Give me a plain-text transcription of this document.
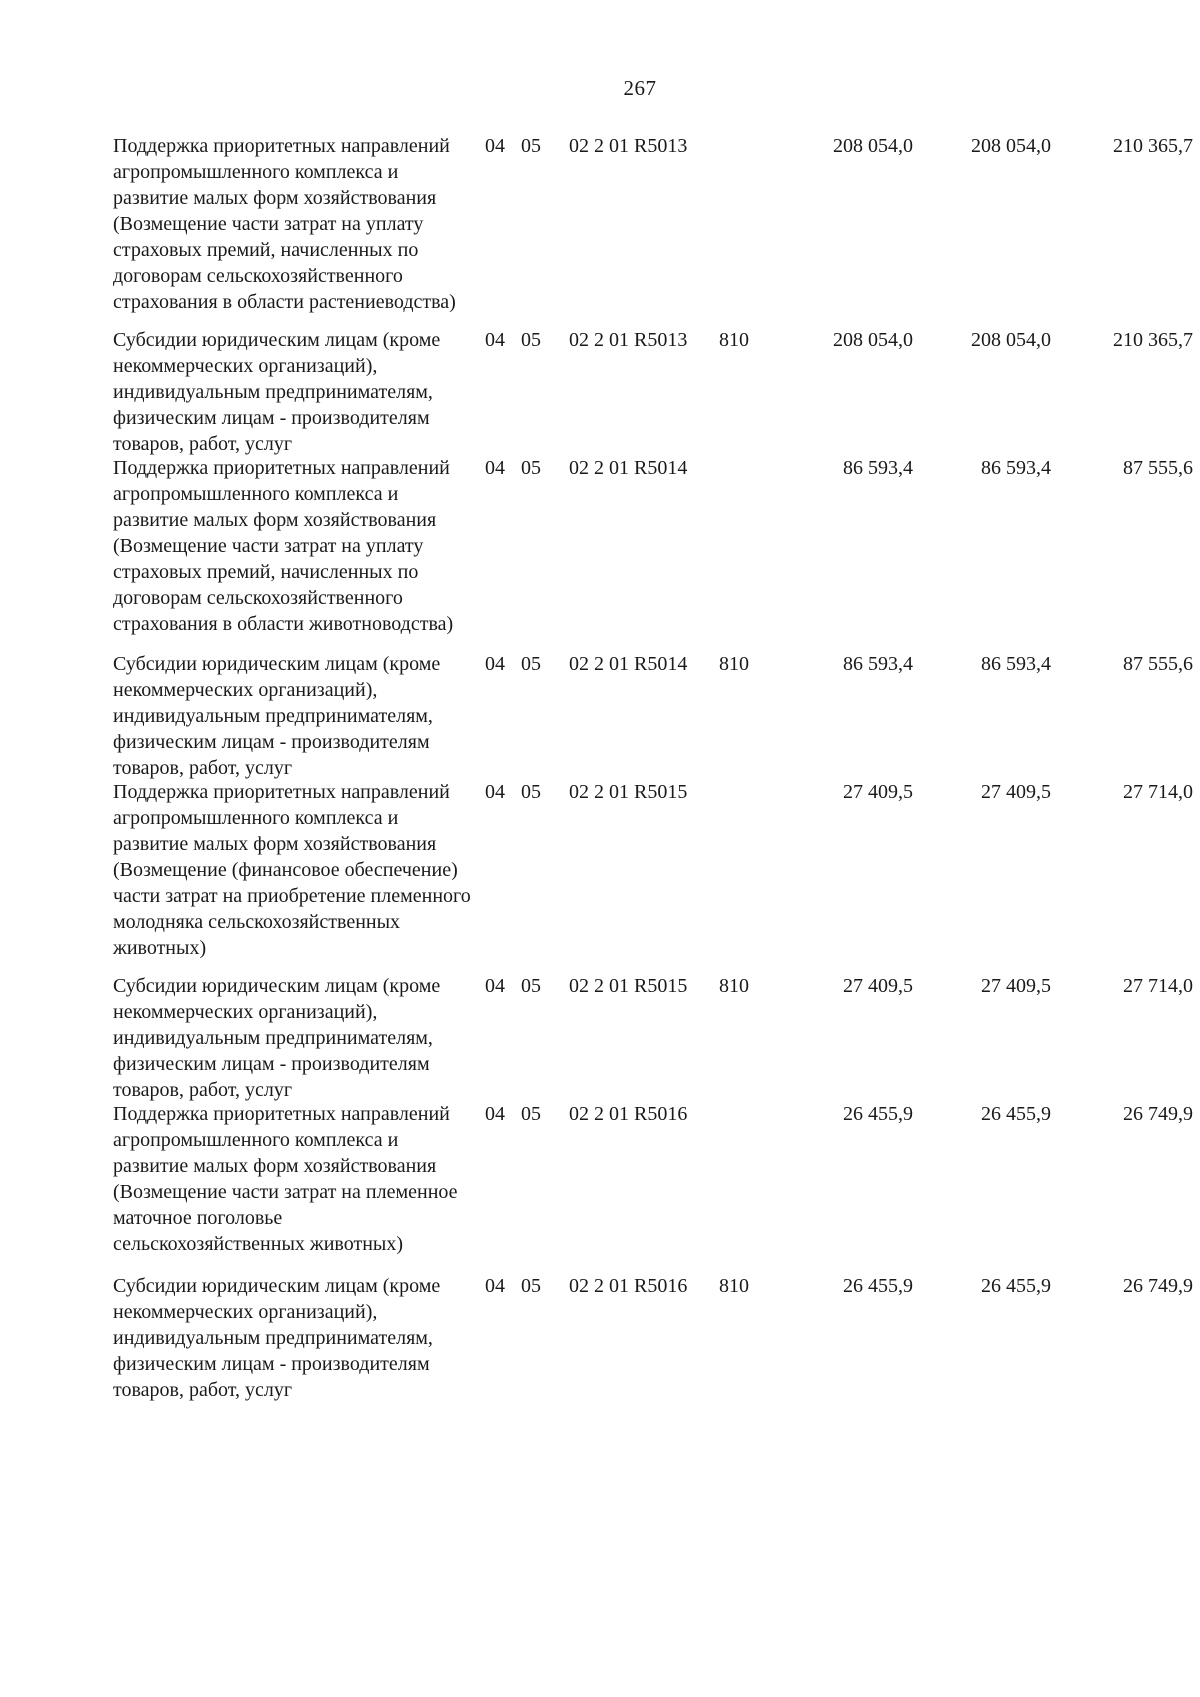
267
Поддержка приоритетных направлений агропромышленного комплекса и развитие малых форм хозяйствования (Возмещение части затрат на уплату страховых премий, начисленных по договорам сельскохозяйственного страхования в области растениеводства)
04 05	02 2 01 R5013	208 054,0	208 054,0	210 365,7
Субсидии юридическим лицам (кроме некоммерческих организаций), индивидуальным предпринимателям, физическим лицам - производителям товаров, работ, услуг
04 05	02 2 01 R5013	810	208 054,0	208 054,0	210 365,7
Поддержка приоритетных направлений агропромышленного комплекса и развитие малых форм хозяйствования (Возмещение части затрат на уплату страховых премий, начисленных по договорам сельскохозяйственного страхования в области животноводства)
04 05	02 2 01 R5014	86 593,4	86 593,4	87 555,6
Субсидии юридическим лицам (кроме некоммерческих организаций), индивидуальным предпринимателям, физическим лицам - производителям товаров, работ, услуг
04 05	02 2 01 R5014	810	86 593,4	86 593,4	87 555,6
Поддержка приоритетных направлений агропромышленного комплекса и развитие малых форм хозяйствования (Возмещение (финансовое обеспечение) части затрат на приобретение племенного молодняка сельскохозяйственных животных)
04 05	02 2 01 R5015	27 409,5	27 409,5	27 714,0
Субсидии юридическим лицам (кроме некоммерческих организаций), индивидуальным предпринимателям, физическим лицам - производителям товаров, работ, услуг
04 05	02 2 01 R5015	810	27 409,5	27 409,5	27 714,0
Поддержка приоритетных направлений агропромышленного комплекса и развитие малых форм хозяйствования (Возмещение части затрат на племенное маточное поголовье сельскохозяйственных животных)
04 05	02 2 01 R5016	26 455,9	26 455,9	26 749,9
Субсидии юридическим лицам (кроме некоммерческих организаций), индивидуальным предпринимателям, физическим лицам - производителям товаров, работ, услуг
04 05	02 2 01 R5016	810	26 455,9	26 455,9	26 749,9
